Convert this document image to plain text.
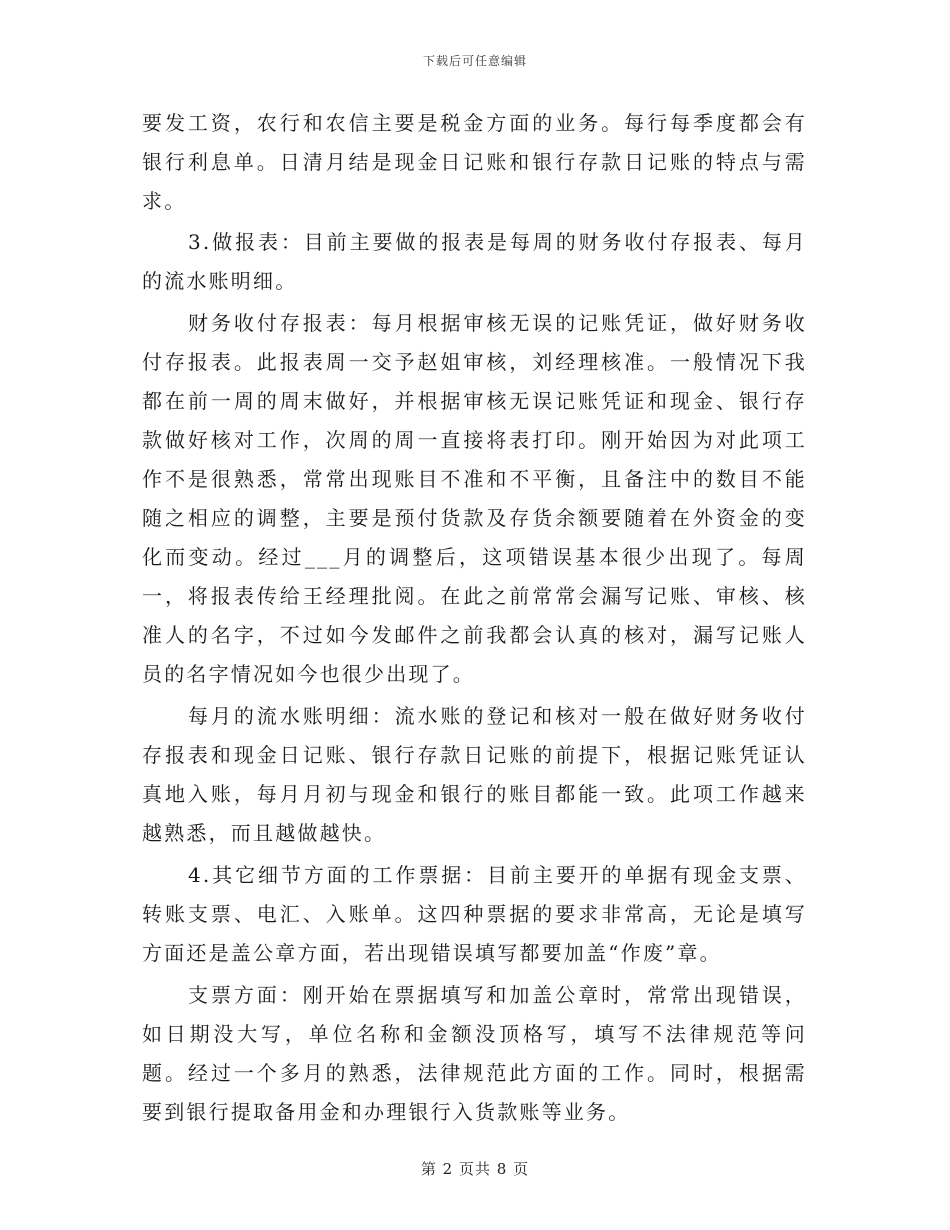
下载后可任意编辑

要发工资，农行和农信主要是税金方面的业务。每行每季度都会有银行利息单。日清月结是现金日记账和银行存款日记账的特点与需求。

3.做报表：目前主要做的报表是每周的财务收付存报表、每月的流水账明细。

财务收付存报表：每月根据审核无误的记账凭证，做好财务收付存报表。此报表周一交予赵姐审核，刘经理核准。一般情况下我都在前一周的周末做好，并根据审核无误记账凭证和现金、银行存款做好核对工作，次周的周一直接将表打印。刚开始因为对此项工作不是很熟悉，常常出现账目不准和不平衡，且备注中的数目不能随之相应的调整，主要是预付货款及存货余额要随着在外资金的变化而变动。经过___月的调整后，这项错误基本很少出现了。每周一，将报表传给王经理批阅。在此之前常常会漏写记账、审核、核准人的名字，不过如今发邮件之前我都会认真的核对，漏写记账人员的名字情况如今也很少出现了。

每月的流水账明细：流水账的登记和核对一般在做好财务收付存报表和现金日记账、银行存款日记账的前提下，根据记账凭证认真地入账，每月月初与现金和银行的账目都能一致。此项工作越来越熟悉，而且越做越快。

4.其它细节方面的工作票据：目前主要开的单据有现金支票、转账支票、电汇、入账单。这四种票据的要求非常高，无论是填写方面还是盖公章方面，若出现错误填写都要加盖“作废”章。

支票方面：刚开始在票据填写和加盖公章时，常常出现错误，如日期没大写，单位名称和金额没顶格写，填写不法律规范等问题。经过一个多月的熟悉，法律规范此方面的工作。同时，根据需要到银行提取备用金和办理银行入货款账等业务。

第 2 页共 8 页
